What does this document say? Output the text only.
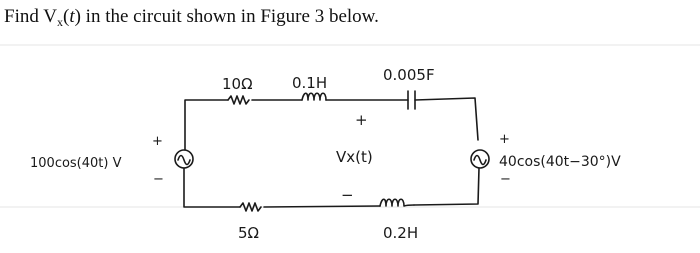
Find $V_x(t)$ in the circuit shown in Figure 3 below.
10Ω	0.1H	0.005F
100cos(40t) V
+
−
40cos(40t−30°)V
+
−
+
Vx(t)
−
5Ω	0.2H
